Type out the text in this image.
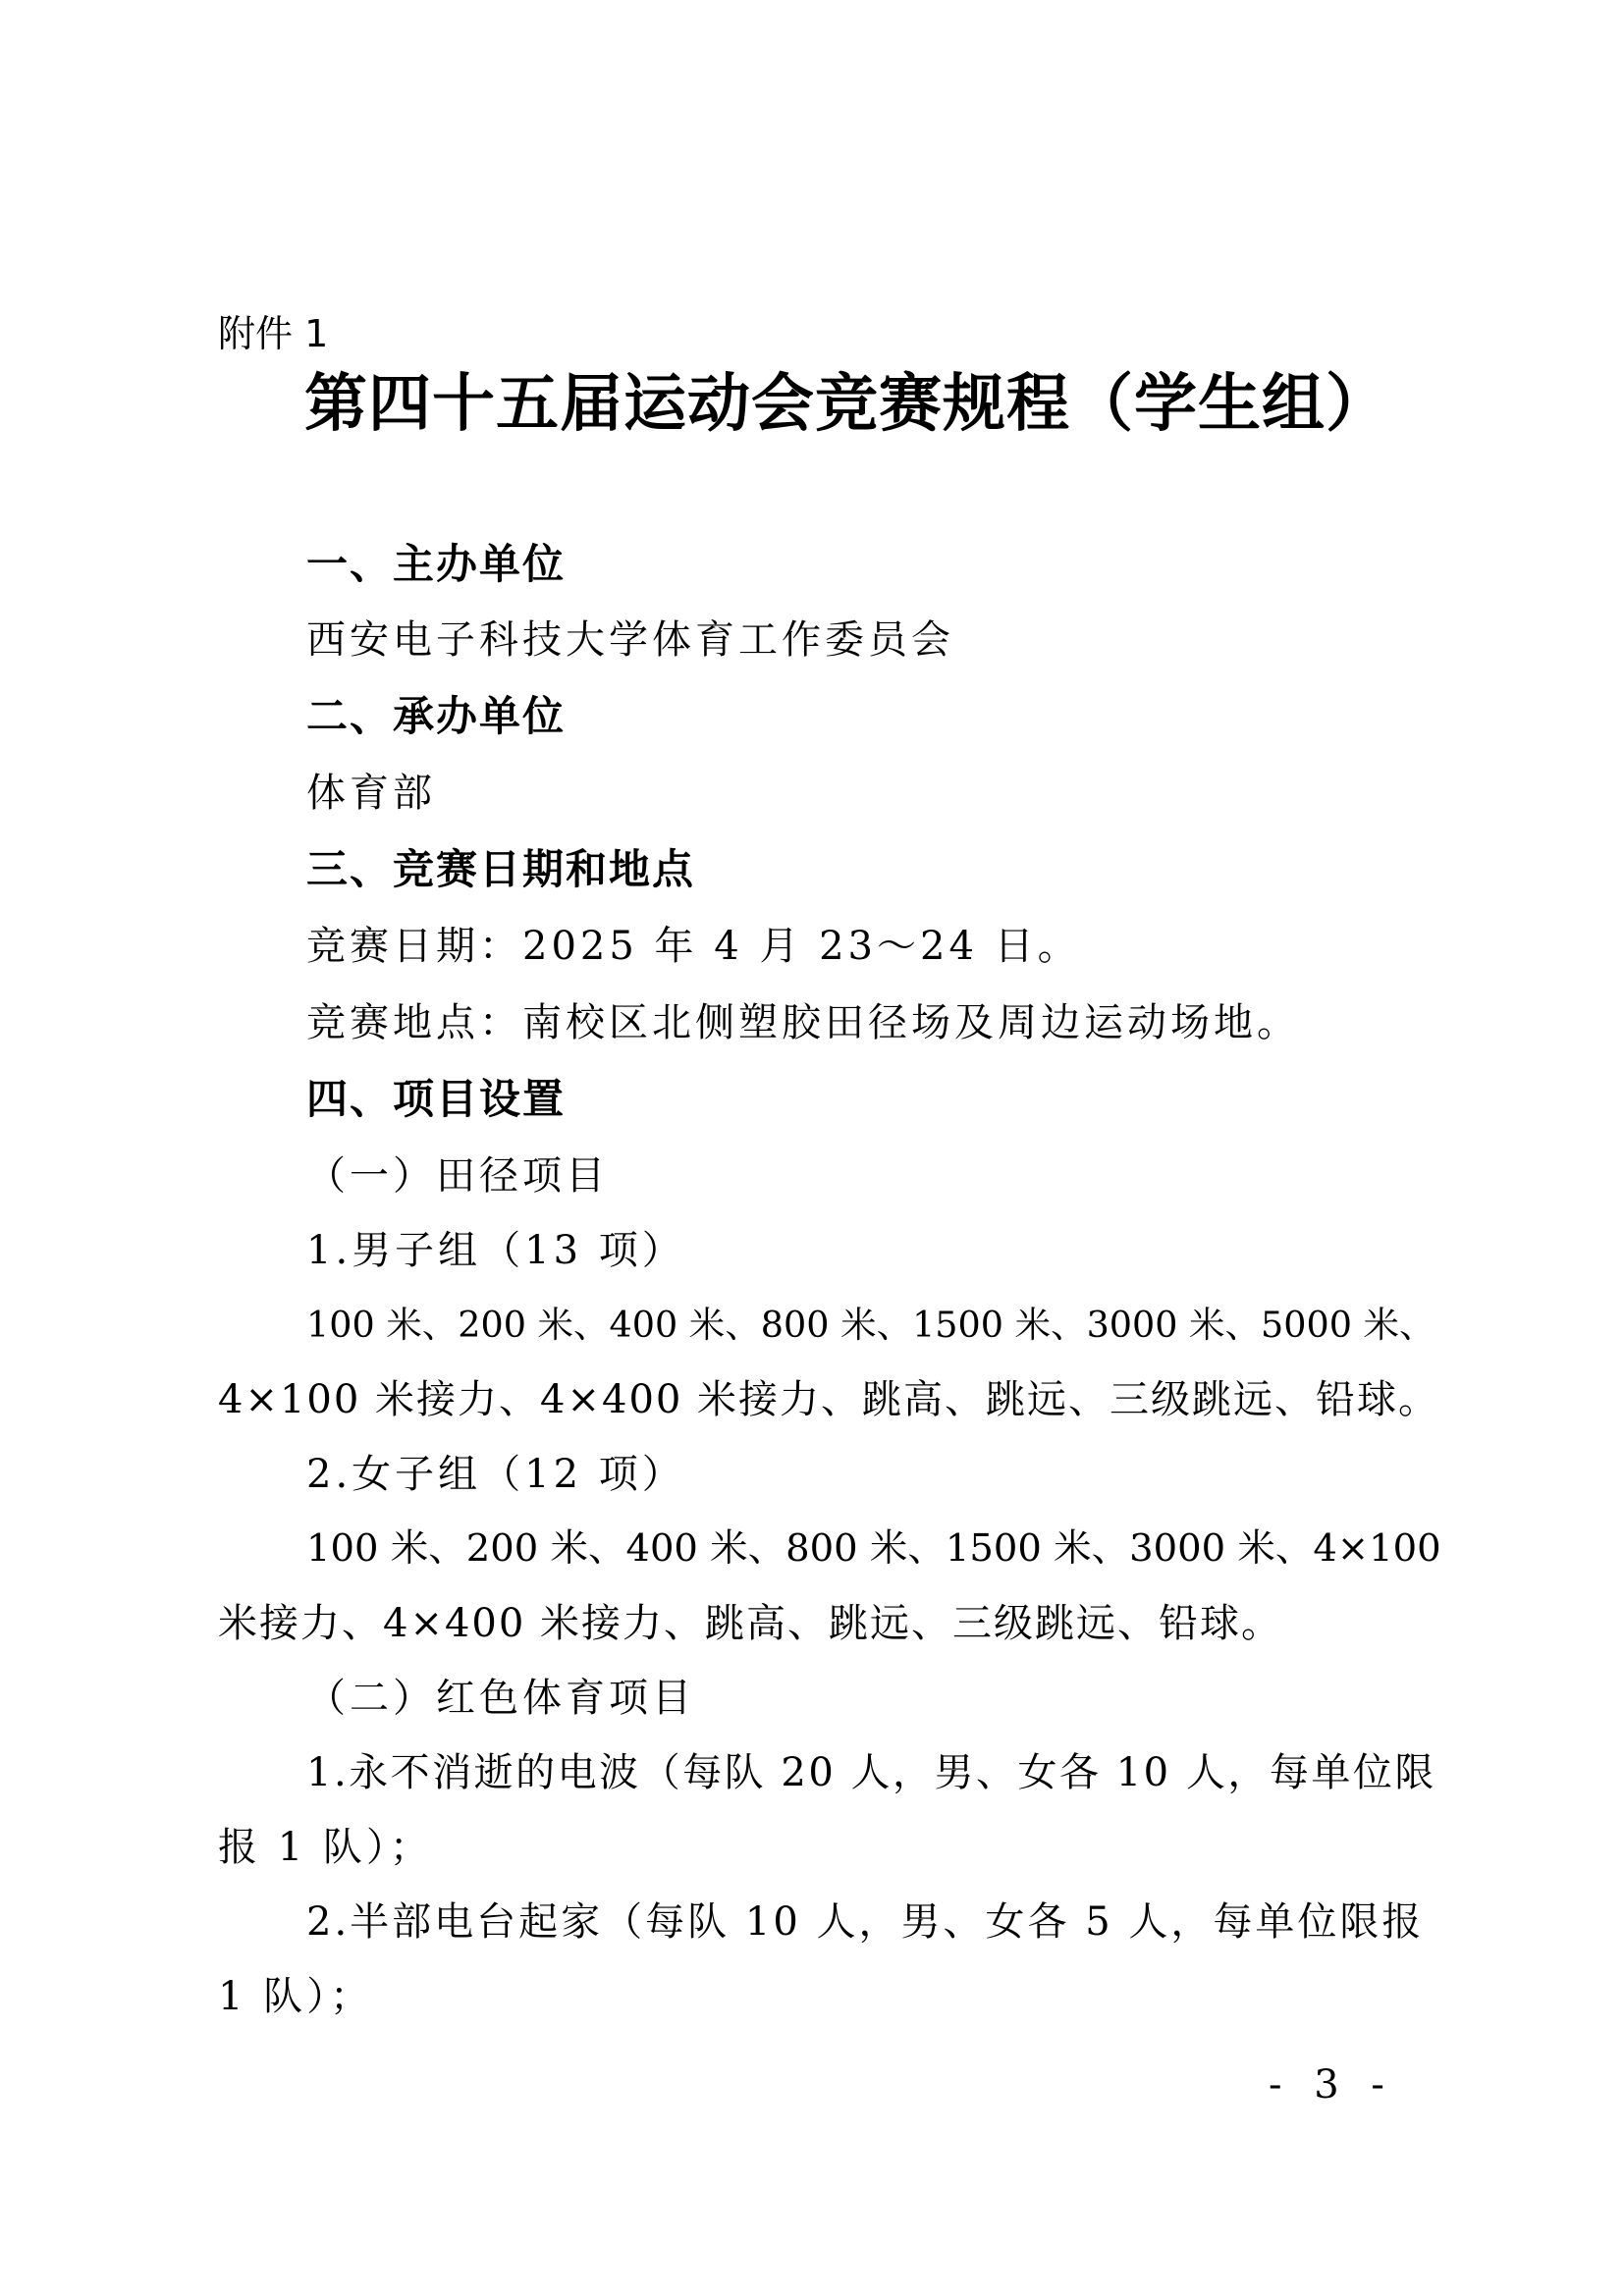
附件 1
第四十五届运动会竞赛规程（学生组）
一、主办单位
西安电子科技大学体育工作委员会
二、承办单位
体育部
三、竞赛日期和地点
竞赛日期：2025 年 4 月 23～24 日。
竞赛地点：南校区北侧塑胶田径场及周边运动场地。
四、项目设置
（一）田径项目
1.男子组（13 项）
100 米、200 米、400 米、800 米、1500 米、3000 米、5000 米、
4×100 米接力、4×400 米接力、跳高、跳远、三级跳远、铅球。
2.女子组（12 项）
100 米、200 米、400 米、800 米、1500 米、3000 米、4×100
米接力、4×400 米接力、跳高、跳远、三级跳远、铅球。
（二）红色体育项目
1.永不消逝的电波（每队 20 人，男、女各 10 人，每单位限
报 1 队）；
2.半部电台起家（每队 10 人，男、女各 5 人，每单位限报
1 队）；
- 3 -
